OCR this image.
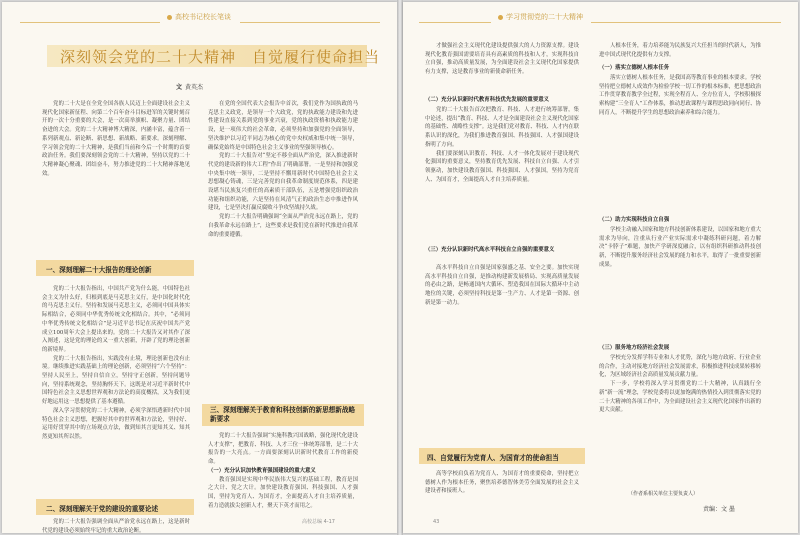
高校书记校长笔谈
深刻领会党的二十大精神　自觉履行使命担当
文 黄英杰

党的二十大是在全党全国各族人民迈上全面建设社会主义现代化国家新征程、向第二个百年奋斗目标进军的关键时刻召开的一次十分重要的大会，是一次高举旗帜、凝聚力量、团结奋进的大会。党的二十大精神博大精深，内涵丰富，蕴含着一系列新观点、新论断、新思想、新战略、新要求。深刻理解、学习领会党的二十大精神，是我们当前和今后一个时期的首要政治任务。我们要深刻领会党的二十大精神，坚持以党的二十大精神凝心聚魂、团结奋斗，努力推进党的二十大精神落地见效。

一、深刻理解二十大报告的理论创新

党的二十大报告指出，中国共产党为什么能，中国特色社会主义为什么好，归根到底是马克思主义行，是中国化时代化的马克思主义行。坚持和发展马克思主义，必须同中国具体实际相结合，必须同中华优秀传统文化相结合。其中，“必须同中华优秀传统文化相结合”是习近平总书记在庆祝中国共产党成立100周年大会上提出来的。党的二十大报告又对其作了深入阐述，这是党的理论的又一重大创新，开辟了党的理论创新的新境界。

党的二十大报告指出，实践没有止境，理论创新也没有止境。继续推进实践基础上的理论创新，必须坚持“六个坚持”：坚持人民至上，坚持自信自立，坚持守正创新，坚持问题导向，坚持系统观念，坚持胸怀天下。这既是对习近平新时代中国特色社会主义思想世界观和方法论的高度概括，又为我们更好地运用这一思想提供了基本遵循。

深入学习贯彻党的二十大精神，必须学深悟透新时代中国特色社会主义思想，把握好其中的世界观和方法论，坚持好、运用好贯穿其中的立场观点方法，做到知其言更知其义、知其然更知其所以然。

二、深刻理解关于党的建设的重要论述

党的二十大报告强调全面从严治党永远在路上，这是新时代党的建设必须始终牢记的重大政治论断。

在党的全国代表大会报告中首次，我们党作为国执政的马克思主义政党，是领导一个大政党，党的执政能力建设和先进性建设直接关系到党的事业兴衰，党的执政资格和执政能力建设，是一项伟大的社会革命，必须坚持和加强党的全面领导，坚决维护以习近平同志为核心的党中央权威和集中统一领导，确保党始终是中国特色社会主义事业的坚强领导核心。

党的二十大报告对“坚定不移全面从严治党，深入推进新时代党的建设新的伟大工程”作出了明确部署。一是坚持和加强党中央集中统一领导，二是坚持不懈用新时代中国特色社会主义思想凝心铸魂，三是完善党的自我革命制度规范体系，四是建设堪当民族复兴重任的高素质干部队伍，五是增强党组织政治功能和组织功能，六是坚持在风清气正的政治生态中推进作风建设，七是坚决打赢反腐败斗争攻坚战持久战。

党的二十大报告明确强调“全面从严治党永远在路上，党的自我革命永远在路上”，这些要求是我们党在新时代推进自我革命的重要遵循。

三、深刻理解关于教育和科技创新的新思想新战略新要求

党的二十大报告强调“实施科教兴国战略，强化现代化建设人才支撑”，把教育、科技、人才三位一体统筹部署，是二十大报告的一大亮点。一方面要深刻认识新时代教育工作的新使命。

（一）充分认识加快教育强国建设的重大意义

教育强国是实现中华民族伟大复兴的基础工程，教育是国之大计、党之大计。加快建设教育强国、科技强国、人才强国，坚持为党育人、为国育才，全面提高人才自主培养质量，着力造就拔尖创新人才，聚天下英才而用之。

高校总编 4-17
学习贯彻党的二十大精神

才做强社会主义现代化建设提供强大的人力资源支撑。建设现代化教育强国需要培育具有高素质的科技和人才，实现科技自立自强，推动高质量发展，为全面建设社会主义现代化国家提供有力支撑，这是教育事业的新使命新任务。

（二）充分认识新时代教育科技优先发展的重要意义

党的二十大报告首次把教育、科技、人才进行统筹部署，集中论述，提出“教育、科技、人才是全面建设社会主义现代化国家的基础性、战略性支撑”。这是我们党对教育、科技、人才内在联系认识的深化，为我们推进教育强国、科技强国、人才强国建设指明了方向。

我们要深刻认识教育、科技、人才一体化发展对于建设现代化强国的重要意义，坚持教育优先发展、科技自立自强、人才引领驱动，加快建设教育强国、科技强国、人才强国，坚持为党育人、为国育才，全面提高人才自主培养质量。

（三）充分认识新时代高水平科技自立自强的重要意义

高水平科技自立自强是国家强盛之基、安全之要。加快实现高水平科技自立自强，是推动构建新发展格局、实现高质量发展的必由之路，是畅通国内大循环、塑造我国在国际大循环中主动地位的关键，必须坚持科技是第一生产力、人才是第一资源、创新是第一动力。

四、自觉履行为党育人、为国育才的使命担当

高等学校肩负着为党育人、为国育才的重要使命，坚持把立德树人作为根本任务，聚焦培养德智体美劳全面发展的社会主义建设者和接班人。

人根本任务，着力培养能为民族复兴大任担当的时代新人，为推进中国式现代化提供有力支撑。

（一）落实立德树人根本任务

落实立德树人根本任务，是我国高等教育事业的根本要求。学校坚持把立德树人成效作为检验学校一切工作的根本标准，把思想政治工作贯穿教育教学全过程，实现全程育人、全方位育人，学校积极探索构建“三全育人”工作体系，推动思政课程与课程思政同向同行、协同育人，不断提升学生的思想政治素养和综合能力。

（二）助力实现科技自立自强

学校主动融入国家和地方科技创新体系建设，以国家和地方重大需求为导向，注重从行业产业实际需求中凝练科研问题，着力解决“卡脖子”难题，加快产学研深度融合，以有组织科研推动科技创新，不断提升服务经济社会发展的能力和水平，取得了一批重要创新成果。

（三）服务地方经济社会发展

学校充分发挥学科专业和人才优势，深化与地方政府、行业企业的合作，主动对接地方经济社会发展需求，积极推进科技成果转移转化，为区域经济社会高质量发展贡献力量。

下一步，学校将深入学习贯彻党的二十大精神，认真践行全新“新一流”理念，学校党委将以更加饱满的热情投入到贯彻落实党的二十大精神的各项工作中，为全面建设社会主义现代化国家作出新的更大贡献。

（作者系相关单位主要负责人）
责编：文 墨
43
